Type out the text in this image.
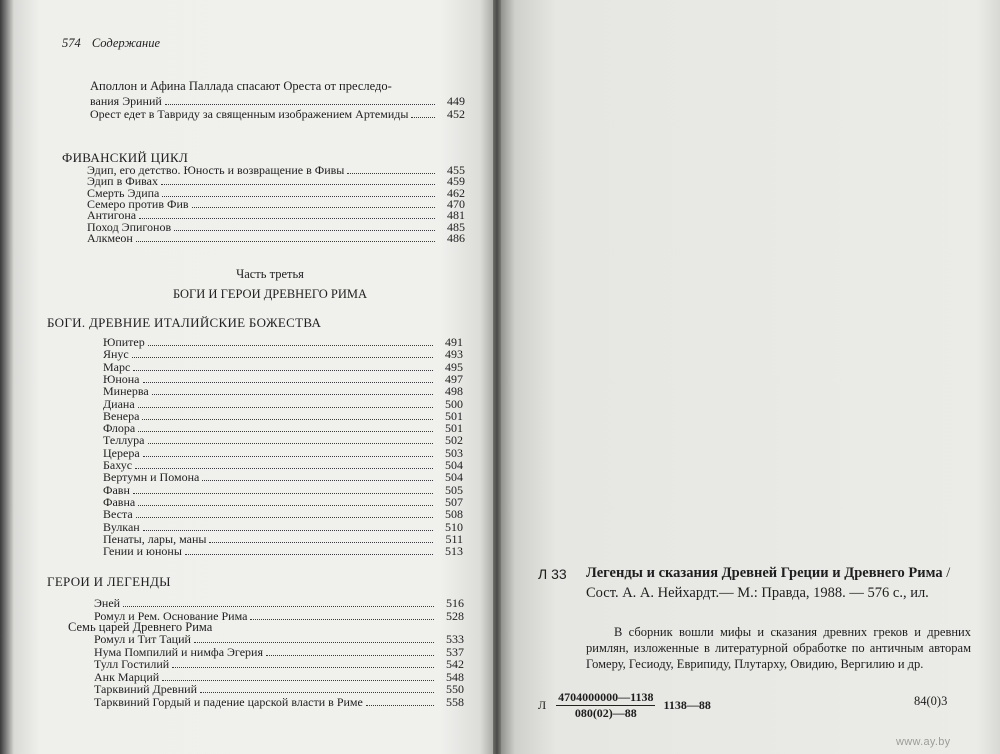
574 Содержание
Аполлон и Афина Паллада спасают Ореста от преследо-
вания Эриний	449
Орест едет в Тавриду за священным изображением Артемиды	452
ФИВАНСКИЙ ЦИКЛ
Эдип, его детство. Юность и возвращение в Фивы	455
Эдип в Фивах	459
Смерть Эдипа	462
Семеро против Фив	470
Антигона	481
Поход Эпигонов	485
Алкмеон	486
Часть третья
БОГИ И ГЕРОИ ДРЕВНЕГО РИМА
БОГИ. ДРЕВНИЕ ИТАЛИЙСКИЕ БОЖЕСТВА
Юпитер	491
Янус	493
Марс	495
Юнона	497
Минерва	498
Диана	500
Венера	501
Флора	501
Теллура	502
Церера	503
Бахус	504
Вертумн и Помона	504
Фавн	505
Фавна	507
Веста	508
Вулкан	510
Пенаты, лары, маны	511
Гении и юноны	513
ГЕРОИ И ЛЕГЕНДЫ
Эней	516
Ромул и Рем. Основание Рима	528
Семь царей Древнего Рима
Ромул и Тит Таций	533
Нума Помпилий и нимфа Эгерия	537
Тулл Гостилий	542
Анк Марций	548
Тарквиний Древний	550
Тарквиний Гордый и падение царской власти в Риме	558
Л 33 Легенды и сказания Древней Греции и Древнего Рима / Сост. А. А. Нейхардт.— М.: Правда, 1988. — 576 с., ил.
В сборник вошли мифы и сказания древних греков и древних римлян, изложенные в литературной обработке по античным авторам Гомеру, Гесиоду, Еврипиду, Плутарху, Овидию, Вергилию и др.
Л $\frac{4704000000—1138}{080(02)—88}$ 1138—88	84(0)3
www.ay.by
